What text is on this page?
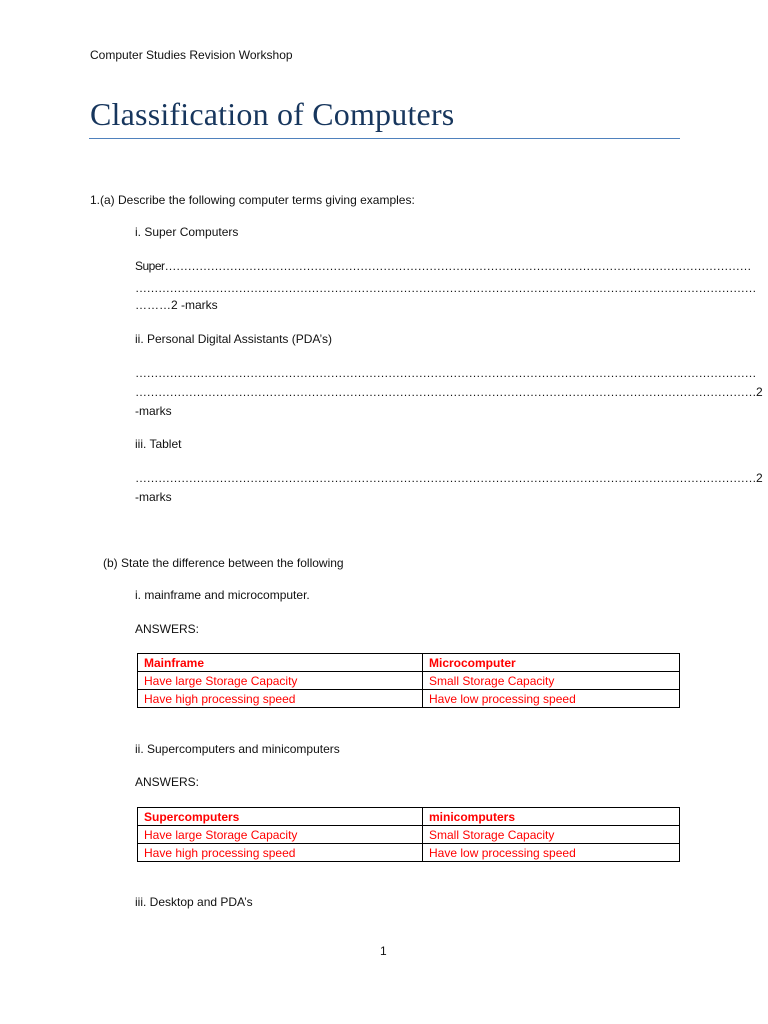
Computer Studies Revision Workshop
Classification of Computers
1.(a) Describe the following computer terms giving examples:
i. Super Computers
Super………………………………………………………………………………………………………………………………………
………………………………………………………………………………………………………………………………………………
………2 -marks
ii. Personal Digital Assistants (PDA’s)
………………………………………………………………………………………………………………………………………………
………………………………………………………………………………………………………………………………………………2
-marks
iii. Tablet
………………………………………………………………………………………………………………………………………………2
-marks
(b) State the difference between the following
i. mainframe and microcomputer.
ANSWERS:
Mainframe	Microcomputer
Have large Storage Capacity	Small Storage Capacity
Have high processing speed	Have low processing speed
ii. Supercomputers and minicomputers
ANSWERS:
Supercomputers	minicomputers
Have large Storage Capacity	Small Storage Capacity
Have high processing speed	Have low processing speed
iii. Desktop and PDA’s
1
